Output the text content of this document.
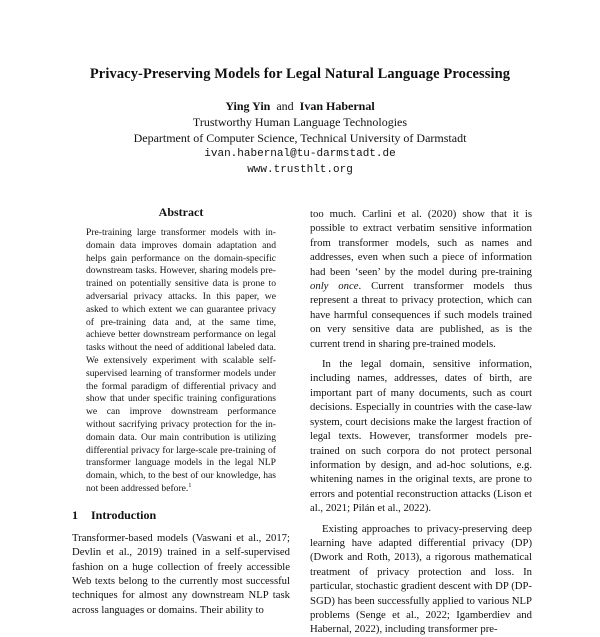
Privacy-Preserving Models for Legal Natural Language Processing
Ying Yin and Ivan Habernal
Trustworthy Human Language Technologies
Department of Computer Science, Technical University of Darmstadt
ivan.habernal@tu-darmstadt.de
www.trusthlt.org
Abstract
Pre-training large transformer models with in-domain data improves domain adaptation and helps gain performance on the domain-specific downstream tasks. However, sharing models pre-trained on potentially sensitive data is prone to adversarial privacy attacks. In this paper, we asked to which extent we can guarantee privacy of pre-training data and, at the same time, achieve better downstream performance on legal tasks without the need of additional labeled data. We extensively experiment with scalable self-supervised learning of transformer models under the formal paradigm of differential privacy and show that under specific training configurations we can improve downstream performance without sacrifying privacy protection for the in-domain data. Our main contribution is utilizing differential privacy for large-scale pre-training of transformer language models in the legal NLP domain, which, to the best of our knowledge, has not been addressed before.$^1$
1 Introduction

Transformer-based models (Vaswani et al., 2017; Devlin et al., 2019) trained in a self-supervised fashion on a huge collection of freely accessible Web texts belong to the currently most successful techniques for almost any downstream NLP task across languages or domains. Their ability to

too much. Carlini et al. (2020) show that it is possible to extract verbatim sensitive information from transformer models, such as names and addresses, even when such a piece of information had been ‘seen’ by the model during pre-training only once. Current transformer models thus represent a threat to privacy protection, which can have harmful consequences if such models trained on very sensitive data are published, as is the current trend in sharing pre-trained models.

In the legal domain, sensitive information, including names, addresses, dates of birth, are important part of many documents, such as court decisions. Especially in countries with the case-law system, court decisions make the largest fraction of legal texts. However, transformer models pre-trained on such corpora do not protect personal information by design, and ad-hoc solutions, e.g. whitening names in the original texts, are prone to errors and potential reconstruction attacks (Lison et al., 2021; Pilán et al., 2022).

Existing approaches to privacy-preserving deep learning have adapted differential privacy (DP) (Dwork and Roth, 2013), a rigorous mathematical treatment of privacy protection and loss. In particular, stochastic gradient descent with DP (DP-SGD) has been successfully applied to various NLP problems (Senge et al., 2022; Igamberdiev and Habernal, 2022), including transformer pre-
